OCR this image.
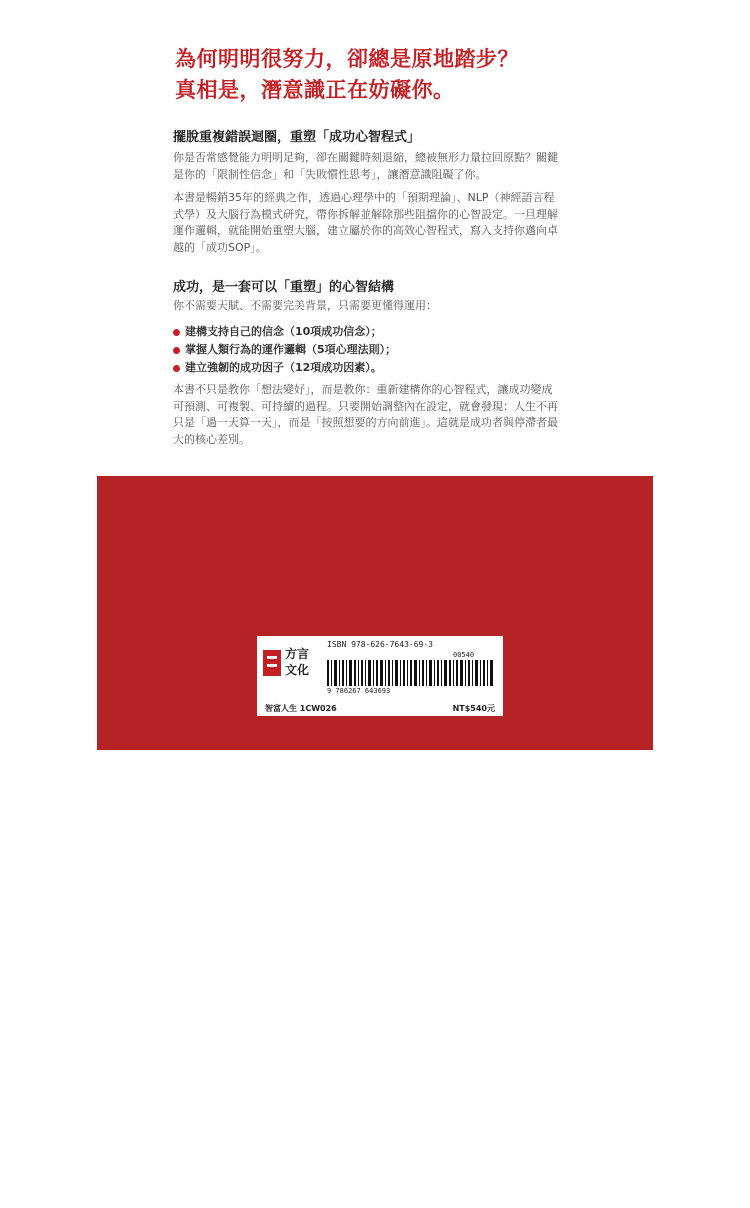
為何明明很努力，卻總是原地踏步？
真相是，潛意識正在妨礙你。
擺脫重複錯誤迴圈，重塑「成功心智程式」

你是否常感覺能力明明足夠，卻在關鍵時刻退縮，總被無形力量拉回原點？關鍵是你的「限制性信念」和「失敗慣性思考」，讓潛意識阻礙了你。

本書是暢銷35年的經典之作，透過心理學中的「預期理論」、NLP（神經語言程式學）及大腦行為模式研究，帶你拆解並解除那些阻擋你的心智設定。一旦理解運作邏輯，就能開始重塑大腦，建立屬於你的高效心智程式，寫入支持你邁向卓越的「成功SOP」。

成功，是一套可以「重塑」的心智結構
你不需要天賦、不需要完美背景，只需要更懂得運用：
建構支持自己的信念（10項成功信念）；
掌握人類行為的運作邏輯（5項心理法則）；
建立強韌的成功因子（12項成功因素）。
本書不只是教你「想法變好」，而是教你：重新建構你的心智程式，讓成功變成可預測、可複製、可持續的過程。只要開始調整內在設定，就會發現：人生不再只是「過一天算一天」，而是「按照想要的方向前進」。這就是成功者與停滯者最大的核心差別。
建議分類：商業理財、成功法、自我成長
方言出版集團
BABEL PUBLISHING GROUP
方言
文化
ISBN 978-626-7643-69-3
00540
9 786267 643693
智富人生 1CW026	NT$540元
